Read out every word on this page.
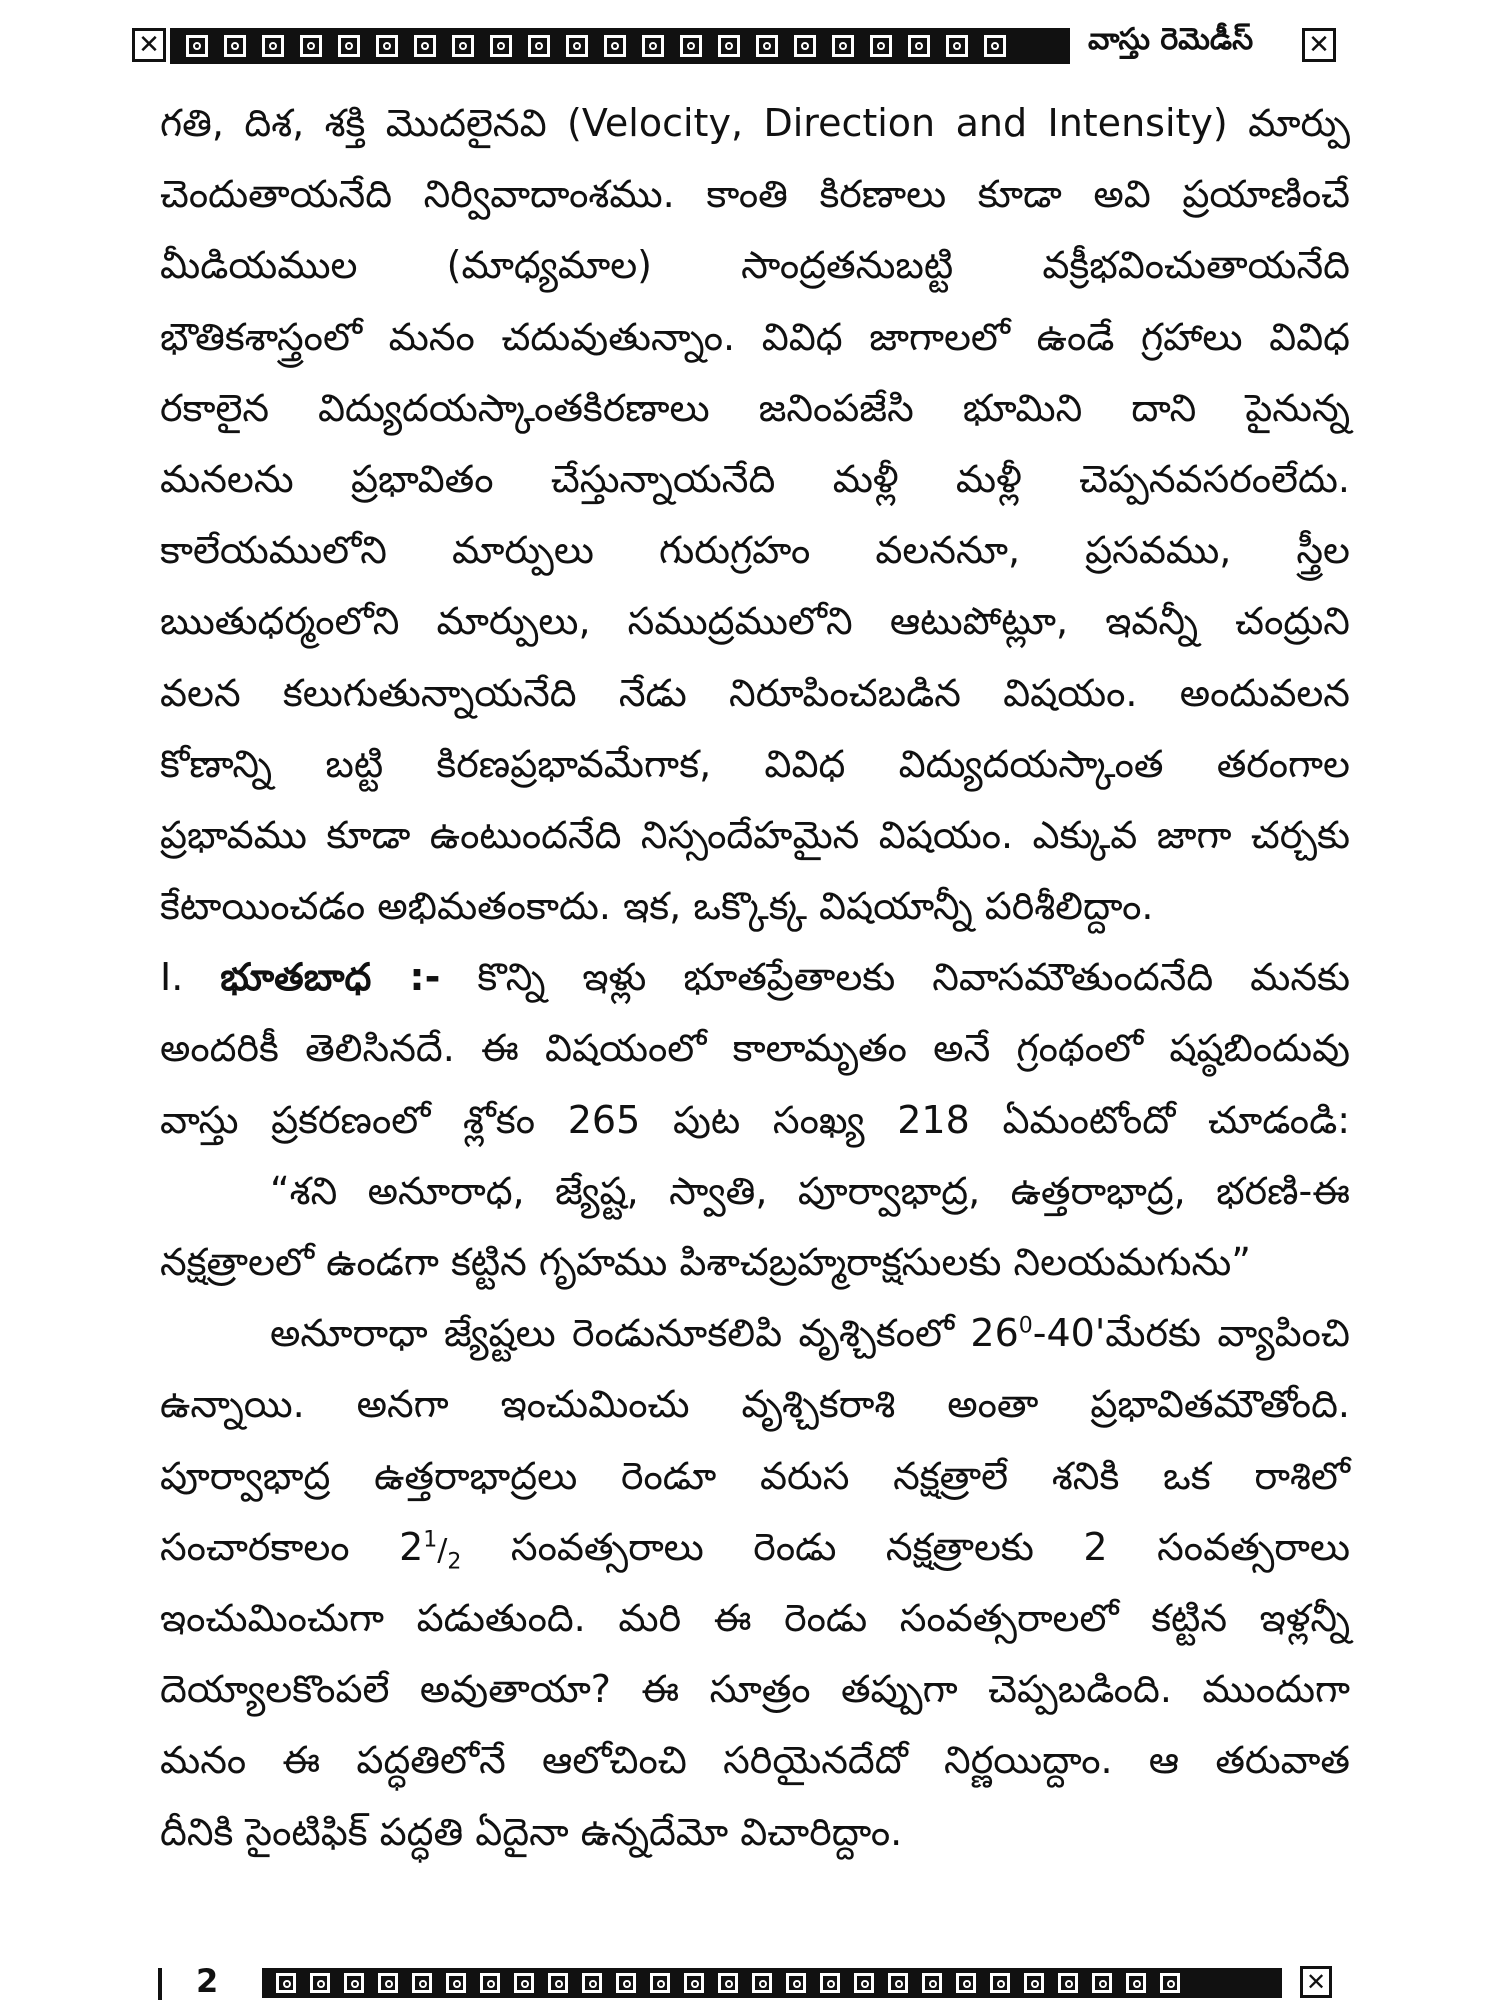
✕	వాస్తు రెమెడీస్ ✕
గతి, దిశ, శక్తి మొదలైనవి (Velocity, Direction and Intensity) మార్పు
చెందుతాయనేది నిర్వివాదాంశము. కాంతి కిరణాలు కూడా అవి ప్రయాణించే
మీడియముల (మాధ్యమాల) సాంద్రతనుబట్టి వక్రీభవించుతాయనేది
భౌతికశాస్త్రంలో మనం చదువుతున్నాం. వివిధ జాగాలలో ఉండే గ్రహాలు వివిధ
రకాలైన విద్యుదయస్కాంతకిరణాలు జనింపజేసి భూమిని దాని పైనున్న
మనలను ప్రభావితం చేస్తున్నాయనేది మళ్లీ మళ్లీ చెప్పనవసరంలేదు.
కాలేయములోని మార్పులు గురుగ్రహం వలననూ, ప్రసవము, స్త్రీల
ఋతుధర్మంలోని మార్పులు, సముద్రములోని ఆటుపోట్లూ, ఇవన్నీ చంద్రుని
వలన కలుగుతున్నాయనేది నేడు నిరూపించబడిన విషయం. అందువలన
కోణాన్ని బట్టి కిరణప్రభావమేగాక, వివిధ విద్యుదయస్కాంత తరంగాల
ప్రభావము కూడా ఉంటుందనేది నిస్సందేహమైన విషయం. ఎక్కువ జాగా చర్చకు
కేటాయించడం అభిమతంకాదు. ఇక, ఒక్కొక్క విషయాన్నీ పరిశీలిద్దాం.
I. భూతబాధ :- కొన్ని ఇళ్లు భూతప్రేతాలకు నివాసమౌతుందనేది మనకు
అందరికీ తెలిసినదే. ఈ విషయంలో కాలామృతం అనే గ్రంథంలో షష్ఠబిందువు
వాస్తు ప్రకరణంలో శ్లోకం 265 పుట సంఖ్య 218 ఏమంటోందో చూడండి:
“శని అనూరాధ, జ్యేష్ట, స్వాతి, పూర్వాభాద్ర, ఉత్తరాభాద్ర, భరణి-ఈ
నక్షత్రాలలో ఉండగా కట్టిన గృహము పిశాచబ్రహ్మరాక్షసులకు నిలయమగును”
అనూరాధా జ్యేష్టలు రెండునూకలిపి వృశ్చికంలో $26^0-40'మేరకు$ వ్యాపించి
ఉన్నాయి. అనగా ఇంచుమించు వృశ్చికరాశి అంతా ప్రభావితమౌతోంది.
పూర్వాభాద్ర ఉత్తరాభాద్రలు రెండూ వరుస నక్షత్రాలే శనికి ఒక రాశిలో
సంచారకాలం $2^1/_2$ సంవత్సరాలు రెండు నక్షత్రాలకు 2 సంవత్సరాలు
ఇంచుమించుగా పడుతుంది. మరి ఈ రెండు సంవత్సరాలలో కట్టిన ఇళ్లన్నీ
దెయ్యాలకొంపలే అవుతాయా? ఈ సూత్రం తప్పుగా చెప్పబడింది. ముందుగా
మనం ఈ పద్ధతిలోనే ఆలోచించి సరియైనదేదో నిర్ణయిద్దాం. ఆ తరువాత
దీనికి సైంటిఫిక్ పద్ధతి ఏదైనా ఉన్నదేమో విచారిద్దాం.
2	✕
